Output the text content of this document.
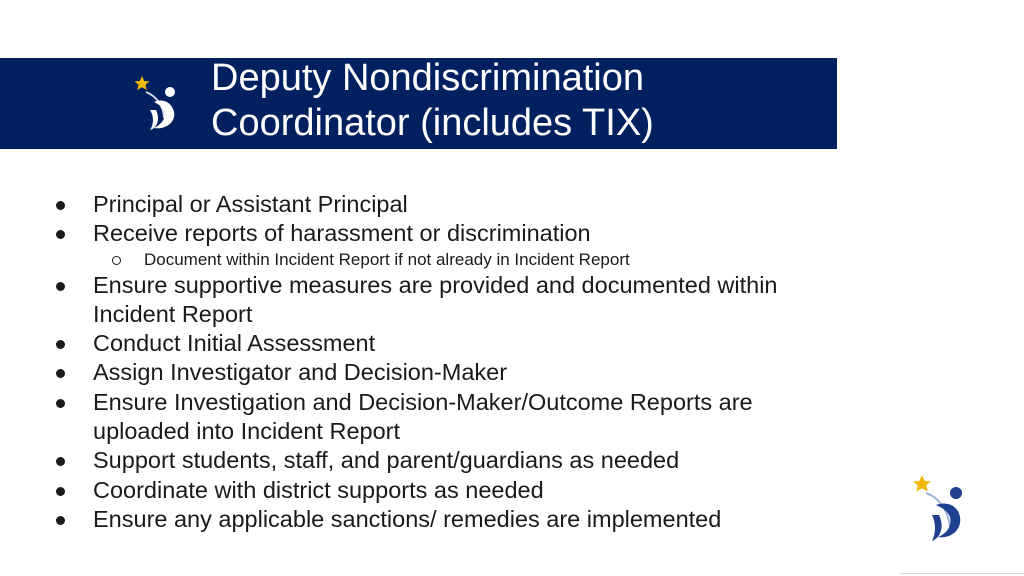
Deputy Nondiscrimination
Coordinator (includes TIX)
Principal or Assistant Principal
Receive reports of harassment or discrimination
Document within Incident Report if not already in Incident Report
Ensure supportive measures are provided and documented within Incident Report
Conduct Initial Assessment
Assign Investigator and Decision-Maker
Ensure Investigation and Decision-Maker/Outcome Reports are uploaded into Incident Report
Support students, staff, and parent/guardians as needed
Coordinate with district supports as needed
Ensure any applicable sanctions/ remedies are implemented
